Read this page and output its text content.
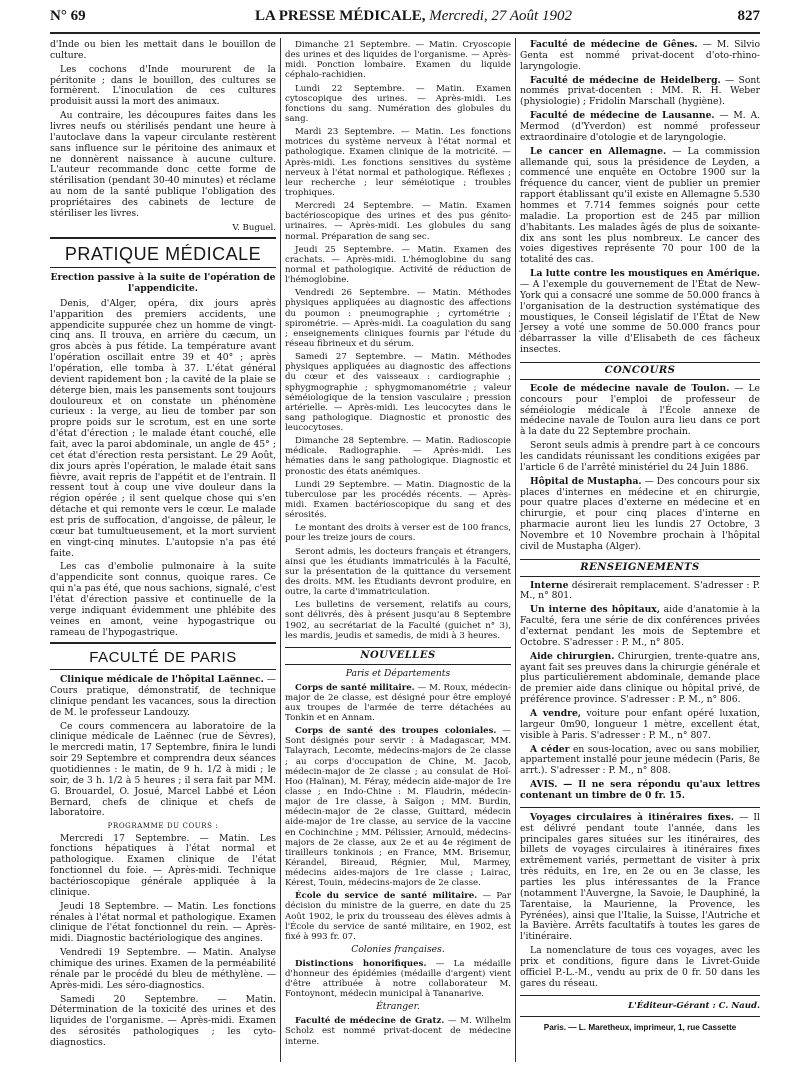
N° 69	LA PRESSE MÉDICALE, Mercredi, 27 Août 1902	827

d'Inde ou bien les mettait dans le bouillon de culture.

Les cochons d'Inde moururent de la péritonite ; dans le bouillon, des cultures se formèrent. L'inoculation de ces cultures produisit aussi la mort des animaux.

Au contraire, les découpures faites dans les livres neufs ou stérilisés pendant une heure à l'autoclave dans la vapeur circulante restèrent sans influence sur le péritoine des animaux et ne donnèrent naissance à aucune culture. L'auteur recommande donc cette forme de stérilisation (pendant 30-40 minutes) et réclame au nom de la santé publique l'obligation des propriétaires des cabinets de lecture de stériliser les livres.

V. Buguel.
PRATIQUE MÉDICALE
Erection passive à la suite de l'opération de l'appendicite.

Denis, d'Alger, opéra, dix jours après l'apparition des premiers accidents, une appendicite suppurée chez un homme de vingt-cinq ans. Il trouva, en arrière du cæcum, un gros abcès à pus fétide. La température avant l'opération oscillait entre 39 et 40° ; après l'opération, elle tomba à 37. L'état général devient rapidement bon ; la cavité de la plaie se déterge bien, mais les pansements sont toujours douloureux et on constate un phénomène curieux : la verge, au lieu de tomber par son propre poids sur le scrotum, est en une sorte d'état d'érection ; le malade étant couché, elle fait, avec la paroi abdominale, un angle de 45° ; cet état d'érection resta persistant. Le 29 Août, dix jours après l'opération, le malade était sans fièvre, avait repris de l'appétit et de l'entrain. Il ressent tout à coup une vive douleur dans la région opérée ; il sent quelque chose qui s'en détache et qui remonte vers le cœur. Le malade est pris de suffocation, d'angoisse, de pâleur, le cœur bat tumultueusement, et la mort survient en vingt-cinq minutes. L'autopsie n'a pas été faite.

Les cas d'embolie pulmonaire à la suite d'appendicite sont connus, quoique rares. Ce qui n'a pas été, que nous sachions, signalé, c'est l'état d'érection passive et continuelle de la verge indiquant évidemment une phlébite des veines en amont, veine hypogastrique ou rameau de l'hypogastrique.

FACULTÉ DE PARIS

Clinique médicale de l'hôpital Laënnec. — Cours pratique, démonstratif, de technique clinique pendant les vacances, sous la direction de M. le professeur Landouzy.

Ce cours commencera au laboratoire de la clinique médicale de Laënnec (rue de Sèvres), le mercredi matin, 17 Septembre, finira le lundi soir 29 Septembre et comprendra deux séances quotidiennes : le matin, de 9 h. 1/2 à midi ; le soir, de 3 h. 1/2 à 5 heures ; il sera fait par MM. G. Brouardel, O. Josué, Marcel Labbé et Léon Bernard, chefs de clinique et chefs de laboratoire.

PROGRAMME DU COURS :

Mercredi 17 Septembre. — Matin. Les fonctions hépatiques à l'état normal et pathologique. Examen clinique de l'état fonctionnel du foie. — Après-midi. Technique bactérioscopique générale appliquée à la clinique.

Jeudi 18 Septembre. — Matin. Les fonctions rénales à l'état normal et pathologique. Examen clinique de l'état fonctionnel du rein. — Après-midi. Diagnostic bactériologique des angines.

Vendredi 19 Septembre. — Matin. Analyse chimique des urines. Examen de la perméabilité rénale par le procédé du bleu de méthylène. — Après-midi. Les séro-diagnostics.

Samedi 20 Septembre. — Matin. Détermination de la toxicité des urines et des liquides de l'organisme. — Après-midi. Examen des sérosités pathologiques ; les cyto-diagnostics.

Dimanche 21 Septembre. — Matin. Cryoscopie des urines et des liquides de l'organisme. — Après-midi. Ponction lombaire. Examen du liquide céphalo-rachidien.

Lundi 22 Septembre. — Matin. Examen cytoscopique des urines. — Après-midi. Les fonctions du sang. Numération des globules du sang.

Mardi 23 Septembre. — Matin. Les fonctions motrices du système nerveux à l'état normal et pathologique. Examen clinique de la motricité. — Après-midi. Les fonctions sensitives du système nerveux à l'état normal et pathologique. Réflexes ; leur recherche ; leur séméiotique ; troubles trophiques.

Mercredi 24 Septembre. — Matin. Examen bactérioscopique des urines et des pus génito-urinaires. — Après-midi. Les globules du sang normal. Préparation de sang sec.

Jeudi 25 Septembre. — Matin. Examen des crachats. — Après-midi. L'hémoglobine du sang normal et pathologique. Activité de réduction de l'hémoglobine.

Vendredi 26 Septembre. — Matin. Méthodes physiques appliquées au diagnostic des affections du poumon : pneumographie ; cyrtométrie ; spirométrie. — Après-midi. La coagulation du sang ; enseignements cliniques fournis par l'étude du réseau fibrineux et du sérum.

Samedi 27 Septembre. — Matin. Méthodes physiques appliquées au diagnostic des affections du cœur et des vaisseaux : cardiographie ; sphygmographie ; sphygmomanométrie ; valeur séméiologique de la tension vasculaire ; pression artérielle. — Après-midi. Les leucocytes dans le sang pathologique. Diagnostic et pronostic des leucocytoses.

Dimanche 28 Septembre. — Matin. Radioscopie médicale. Radiographie. — Après-midi. Les hématies dans le sang pathologique. Diagnostic et pronostic des états anémiques.

Lundi 29 Septembre. — Matin. Diagnostic de la tuberculose par les procédés récents. — Après-midi. Examen bactérioscopique du sang et des sérosités.

Le montant des droits à verser est de 100 francs, pour les treize jours de cours.

Seront admis, les docteurs français et étrangers, ainsi que les étudiants immatriculés à la Faculté, sur la présentation de la quittance du versement des droits. MM. les Étudiants devront produire, en outre, la carte d'immatriculation.

Les bulletins de versement, relatifs au cours, sont délivrés, dès à présent jusqu'au 8 Septembre 1902, au secrétariat de la Faculté (guichet n° 3), les mardis, jeudis et samedis, de midi à 3 heures.

NOUVELLES
Paris et Départements

Corps de santé militaire. — M. Roux, médecin-major de 2e classe, est désigné pour être employé aux troupes de l'armée de terre détachées au Tonkin et en Annam.

Corps de santé des troupes coloniales. — Sont désignés pour servir : à Madagascar, MM. Talayrach, Lecomte, médecins-majors de 2e classe ; au corps d'occupation de Chine, M. Jacob, médecin-major de 2e classe ; au consulat de Hoï-Hoo (Haïnan), M. Féray, médecin aide-major de 1re classe ; en Indo-Chine : M. Flaudrin, médecin-major de 1re classe, à Saïgon ; MM. Burdin, médecin-major de 2e classe, Guittard, médecin aide-major de 1re classe, au service de la vaccine en Cochinchine ; MM. Pélissier, Arnould, médecins-majors de 2e classe, aux 2e et au 4e régiment de tirailleurs tonkinois ; en France, MM. Brisemur, Kérandel, Bireaud, Régnier, Mul, Marmey, médecins aides-majors de 1re classe ; Lairac, Kérest, Touin, médecins-majors de 2e classe.

École du service de santé militaire. — Par décision du ministre de la guerre, en date du 25 Août 1902, le prix du trousseau des élèves admis à l'École du service de santé militaire, en 1902, est fixé à 993 fr. 07.

Colonies françaises.

Distinctions honorifiques. — La médaille d'honneur des épidémies (médaille d'argent) vient d'être attribuée à notre collaborateur M. Fontoynont, médecin municipal à Tananarive.

Étranger.

Faculté de médecine de Gratz. — M. Wilhelm Scholz est nommé privat-docent de médecine interne.

Faculté de médecine de Gênes. — M. Silvio Genta est nommé privat-docent d'oto-rhino-laryngologie.

Faculté de médecine de Heidelberg. — Sont nommés privat-docenten : MM. R. H. Weber (physiologie) ; Fridolin Marschall (hygiène).

Faculté de médecine de Lausanne. — M. A. Mermod (d'Yverdon) est nommé professeur extraordinaire d'otologie et de laryngologie.

Le cancer en Allemagne. — La commission allemande qui, sous la présidence de Leyden, a commencé une enquête en Octobre 1900 sur la fréquence du cancer, vient de publier un premier rapport établissant qu'il existe en Allemagne 5.530 hommes et 7.714 femmes soignés pour cette maladie. La proportion est de 245 par million d'habitants. Les malades âgés de plus de soixante-dix ans sont les plus nombreux. Le cancer des voies digestives représente 70 pour 100 de la totalité des cas.

La lutte contre les moustiques en Amérique. — A l'exemple du gouvernement de l'État de New-York qui a consacré une somme de 50.000 francs à l'organisation de la destruction systématique des moustiques, le Conseil législatif de l'État de New Jersey a voté une somme de 50.000 francs pour débarrasser la ville d'Elisabeth de ces fâcheux insectes.

CONCOURS

Ecole de médecine navale de Toulon. — Le concours pour l'emploi de professeur de séméiologie médicale à l'École annexe de médecine navale de Toulon aura lieu dans ce port à la date du 22 Septembre prochain.

Seront seuls admis à prendre part à ce concours les candidats réunissant les conditions exigées par l'article 6 de l'arrêté ministériel du 24 Juin 1886.

Hôpital de Mustapha. — Des concours pour six places d'internes en médecine et en chirurgie, pour quatre places d'externe en médecine et en chirurgie, et pour cinq places d'interne en pharmacie auront lieu les lundis 27 Octobre, 3 Novembre et 10 Novembre prochain à l'hôpital civil de Mustapha (Alger).

RENSEIGNEMENTS

Interne désirerait remplacement. S'adresser : P. M., n° 801.

Un interne des hôpitaux, aide d'anatomie à la Faculté, fera une série de dix conférences privées d'externat pendant les mois de Septembre et Octobre. S'adresser : P. M., n° 805.

Aide chirurgien. Chirurgien, trente-quatre ans, ayant fait ses preuves dans la chirurgie générale et plus particulièrement abdominale, demande place de premier aide dans clinique ou hôpital privé, de préférence province. S'adresser : P. M., n° 806.

A vendre, voiture pour enfant opéré luxation, largeur 0m90, longueur 1 mètre, excellent état, visible à Paris. S'adresser : P. M., n° 807.

A céder en sous-location, avec ou sans mobilier, appartement installé pour jeune médecin (Paris, 8e arrt.). S'adresser : P. M., n° 808.

AVIS. — Il ne sera répondu qu'aux lettres contenant un timbre de 0 fr. 15.

Voyages circulaires à itinéraires fixes. — Il est délivré pendant toute l'année, dans les principales gares situées sur les itinéraires, des billets de voyages circulaires à itinéraires fixes extrêmement variés, permettant de visiter à prix très réduits, en 1re, en 2e ou en 3e classe, les parties les plus intéressantes de la France (notamment l'Auvergne, la Savoie, le Dauphiné, la Tarentaise, la Maurienne, la Provence, les Pyrénées), ainsi que l'Italie, la Suisse, l'Autriche et la Bavière. Arrêts facultatifs à toutes les gares de l'itinéraire.

La nomenclature de tous ces voyages, avec les prix et conditions, figure dans le Livret-Guide officiel P.-L.-M., vendu au prix de 0 fr. 50 dans les gares du réseau.

L'Éditeur-Gérant : C. Naud.
Paris. — L. Maretheux, imprimeur, 1, rue Cassette
